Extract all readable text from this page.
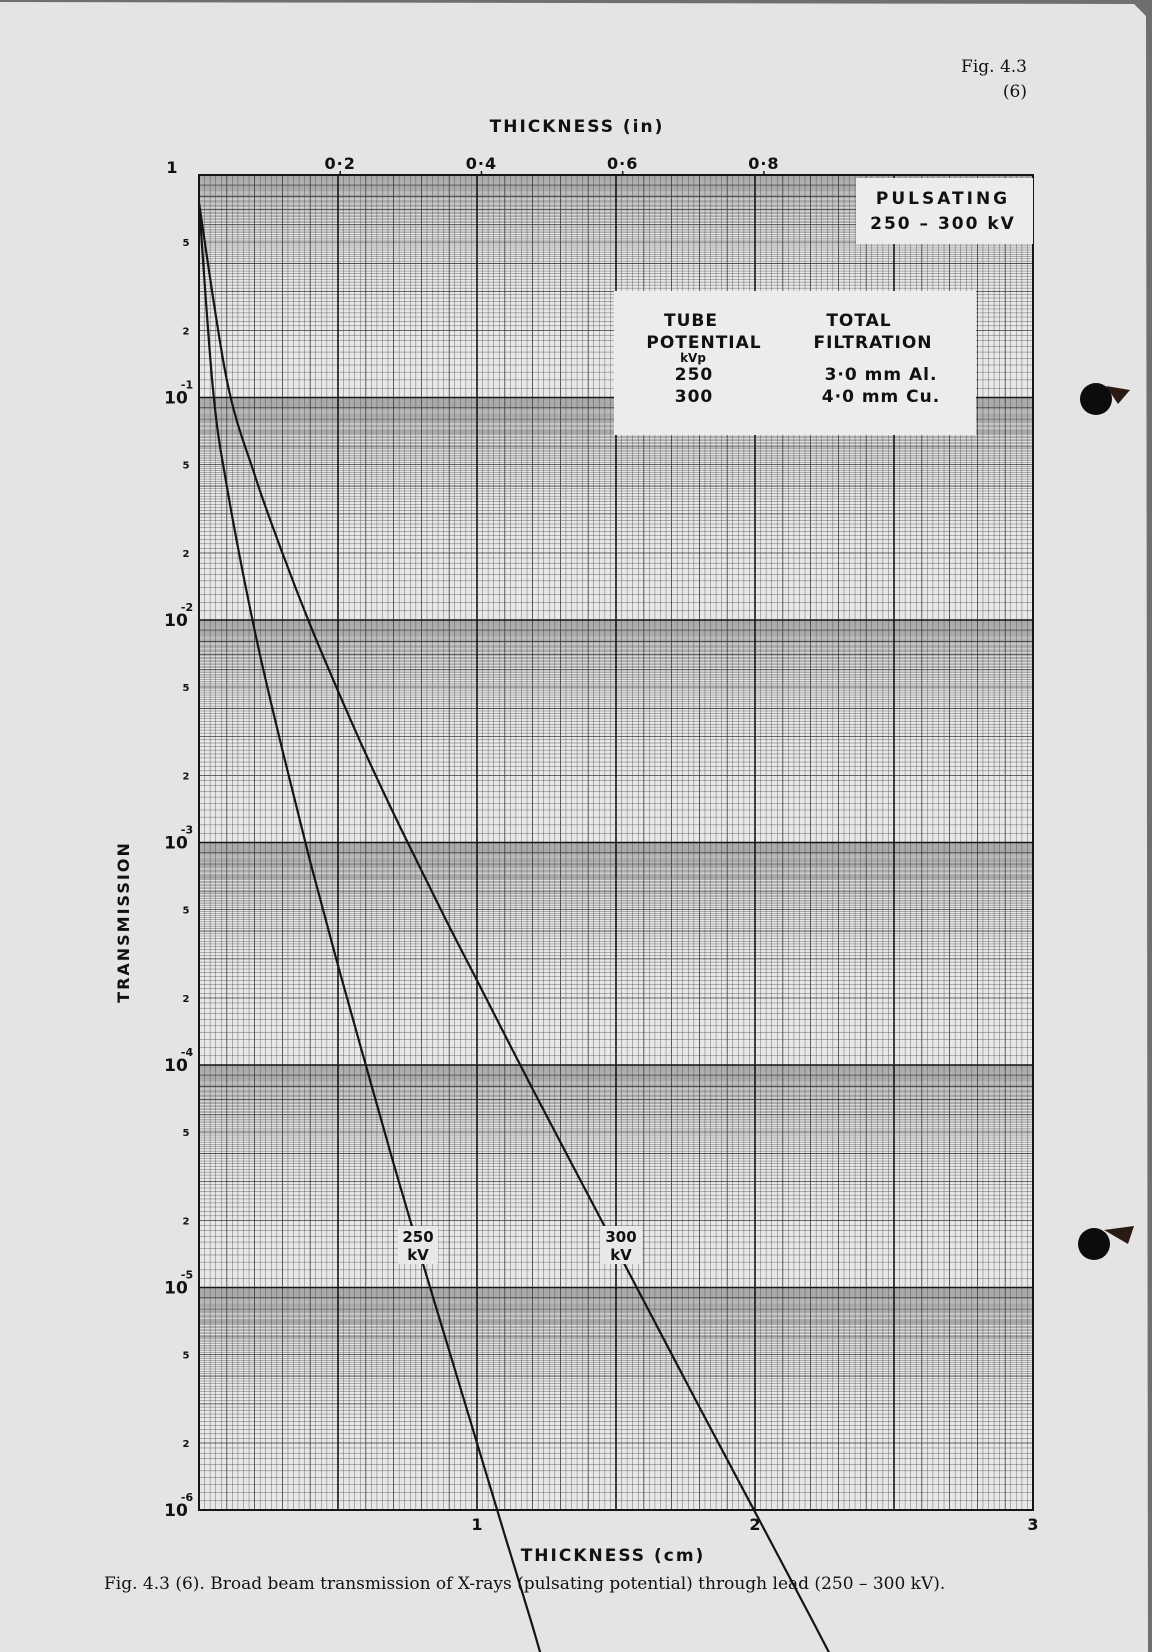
Fig. 4.3
(6)
THICKNESS (in)
PULSATING
250 – 300 kV
TUBE
POTENTIAL
kVp
TOTAL
FILTRATION
250	3·0 mm Al.
300	4·0 mm Cu.
250
kV
300
kV
0·2	0·4	0·6	0·8
1	2	3
1
5
2
10
-1
5
2
10
-2
5
2
10
-3
5
2
10
-4
5
2
10
-5
5
2
10
-6
TRANSMISSION
THICKNESS (cm)
Fig. 4.3 (6). Broad beam transmission of X-rays (pulsating potential) through lead (250 – 300 kV).
